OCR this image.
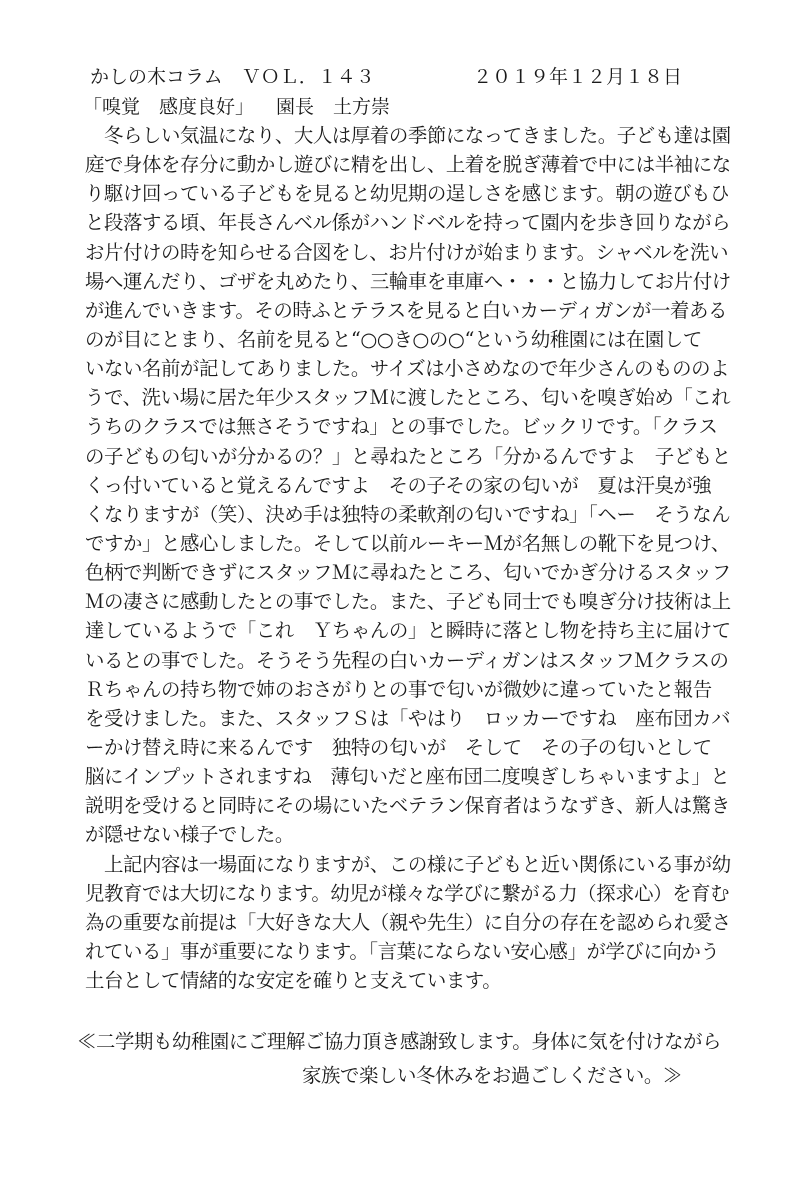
かしの木コラム　ＶＯＬ．１４３	２０１９年１２月１８日
「嗅覚　感度良好」 園長　土方崇
　冬らしい気温になり、大人は厚着の季節になってきました。子ども達は園
庭で身体を存分に動かし遊びに精を出し、上着を脱ぎ薄着で中には半袖にな
り駆け回っている子どもを見ると幼児期の逞しさを感じます。朝の遊びもひ
と段落する頃、年長さんベル係がハンドベルを持って園内を歩き回りながら
お片付けの時を知らせる合図をし、お片付けが始まります。シャベルを洗い
場へ運んだり、ゴザを丸めたり、三輪車を車庫へ・・・と協力してお片付け
が進んでいきます。その時ふとテラスを見ると白いカーディガンが一着ある
のが目にとまり、名前を見ると“○○き○の○“という幼稚園には在園して
いない名前が記してありました。サイズは小さめなので年少さんのもののよ
うで、洗い場に居た年少スタッフＭに渡したところ、匂いを嗅ぎ始め「これ
うちのクラスでは無さそうですね」との事でした。ビックリです。「クラス
の子どもの匂いが分かるの？」と尋ねたところ「分かるんですよ　子どもと
くっ付いていると覚えるんですよ　その子その家の匂いが　夏は汗臭が強
くなりますが（笑）、決め手は独特の柔軟剤の匂いですね」「ヘー　そうなん
ですか」と感心しました。そして以前ルーキーＭが名無しの靴下を見つけ、
色柄で判断できずにスタッフＭに尋ねたところ、匂いでかぎ分けるスタッフ
Ｍの凄さに感動したとの事でした。また、子ども同士でも嗅ぎ分け技術は上
達しているようで「これ　Ｙちゃんの」と瞬時に落とし物を持ち主に届けて
いるとの事でした。そうそう先程の白いカーディガンはスタッフＭクラスの
Ｒちゃんの持ち物で姉のおさがりとの事で匂いが微妙に違っていたと報告
を受けました。また、スタッフＳは「やはり　ロッカーですね　座布団カバ
ーかけ替え時に来るんです　独特の匂いが　そして　その子の匂いとして
脳にインプットされますね　薄匂いだと座布団二度嗅ぎしちゃいますよ」と
説明を受けると同時にその場にいたベテラン保育者はうなずき、新人は驚き
が隠せない様子でした。
　上記内容は一場面になりますが、この様に子どもと近い関係にいる事が幼
児教育では大切になります。幼児が様々な学びに繋がる力（探求心）を育む
為の重要な前提は「大好きな大人（親や先生）に自分の存在を認められ愛さ
れている」事が重要になります。「言葉にならない安心感」が学びに向かう
土台として情緒的な安定を確りと支えています。
≪二学期も幼稚園にご理解ご協力頂き感謝致します。身体に気を付けながら
家族で楽しい冬休みをお過ごしください。≫
